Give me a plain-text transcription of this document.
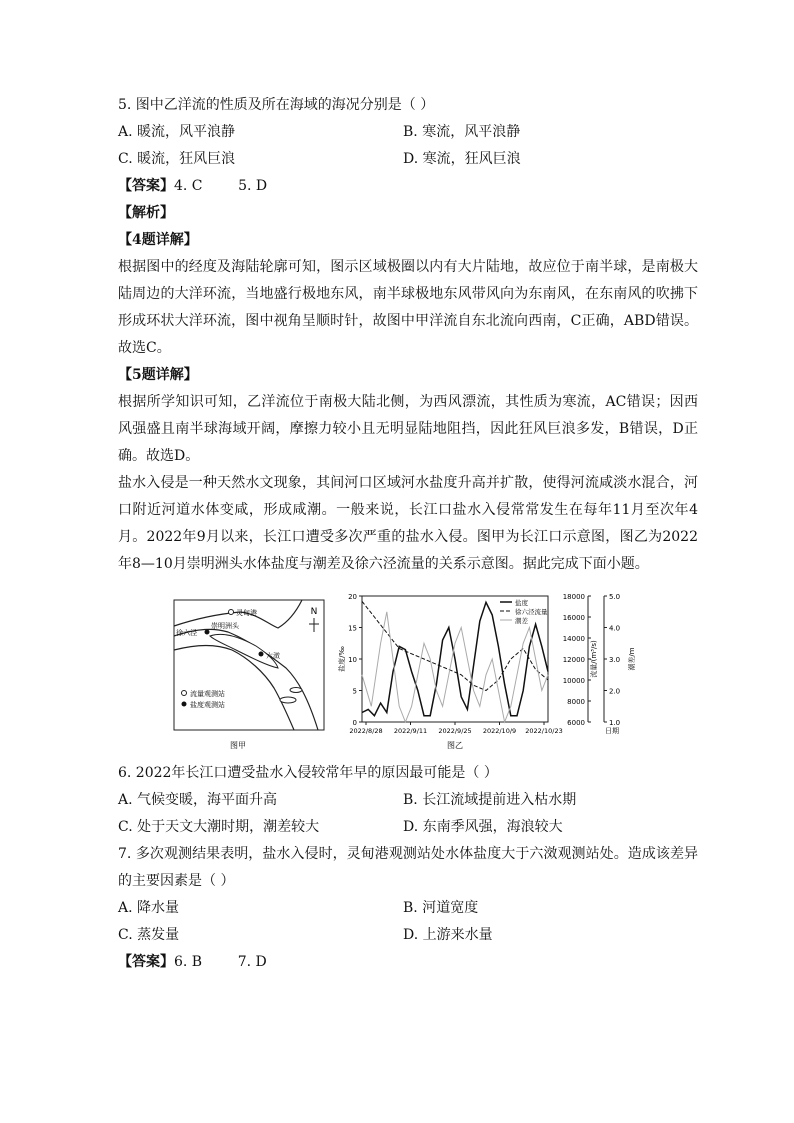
5. 图中乙洋流的性质及所在海域的海况分别是（ ）
A. 暖流，风平浪静	B. 寒流，风平浪静
C. 暖流，狂风巨浪	D. 寒流，狂风巨浪
【答案】4. C        5. D
【解析】
【4题详解】
根据图中的经度及海陆轮廓可知，图示区域极圈以内有大片陆地，故应位于南半球，是南极大陆周边的大洋环流，当地盛行极地东风，南半球极地东风带风向为东南风，在东南风的吹拂下形成环状大洋环流，图中视角呈顺时针，故图中甲洋流自东北流向西南，C正确，ABD错误。故选C。
【5题详解】
根据所学知识可知，乙洋流位于南极大陆北侧，为西风漂流，其性质为寒流，AC错误；因西风强盛且南半球海域开阔，摩擦力较小且无明显陆地阻挡，因此狂风巨浪多发，B错误，D正确。故选D。
盐水入侵是一种天然水文现象，其间河口区域河水盐度升高并扩散，使得河流咸淡水混合，河口附近河道水体变咸，形成咸潮。一般来说，长江口盐水入侵常常发生在每年11月至次年4月。2022年9月以来，长江口遭受多次严重的盐水入侵。图甲为长江口示意图，图乙为2022年8—10月崇明洲头水体盐度与潮差及徐六泾流量的关系示意图。据此完成下面小题。
N
灵甸港
崇明洲头
徐六泾
六滧
流量观测站
盐度观测站
图甲
0
5
10
15
20
盐度/‰
6000
8000
10000
12000
14000
16000
18000
流量/(m³/s)
1.0
2.0
3.0
4.0
5.0
潮差/m
2022/8/28 2022/9/11 2022/9/25 2022/10/9 2022/10/23	日期
图乙
盐度
徐六泾流量
潮差
6. 2022年长江口遭受盐水入侵较常年早的原因最可能是（ ）
A. 气候变暖，海平面升高	B. 长江流域提前进入枯水期
C. 处于天文大潮时期，潮差较大	D. 东南季风强，海浪较大
7. 多次观测结果表明，盐水入侵时，灵甸港观测站处水体盐度大于六滧观测站处。造成该差异的主要因素是（ ）
A. 降水量	B. 河道宽度
C. 蒸发量	D. 上游来水量
【答案】6. B        7. D
